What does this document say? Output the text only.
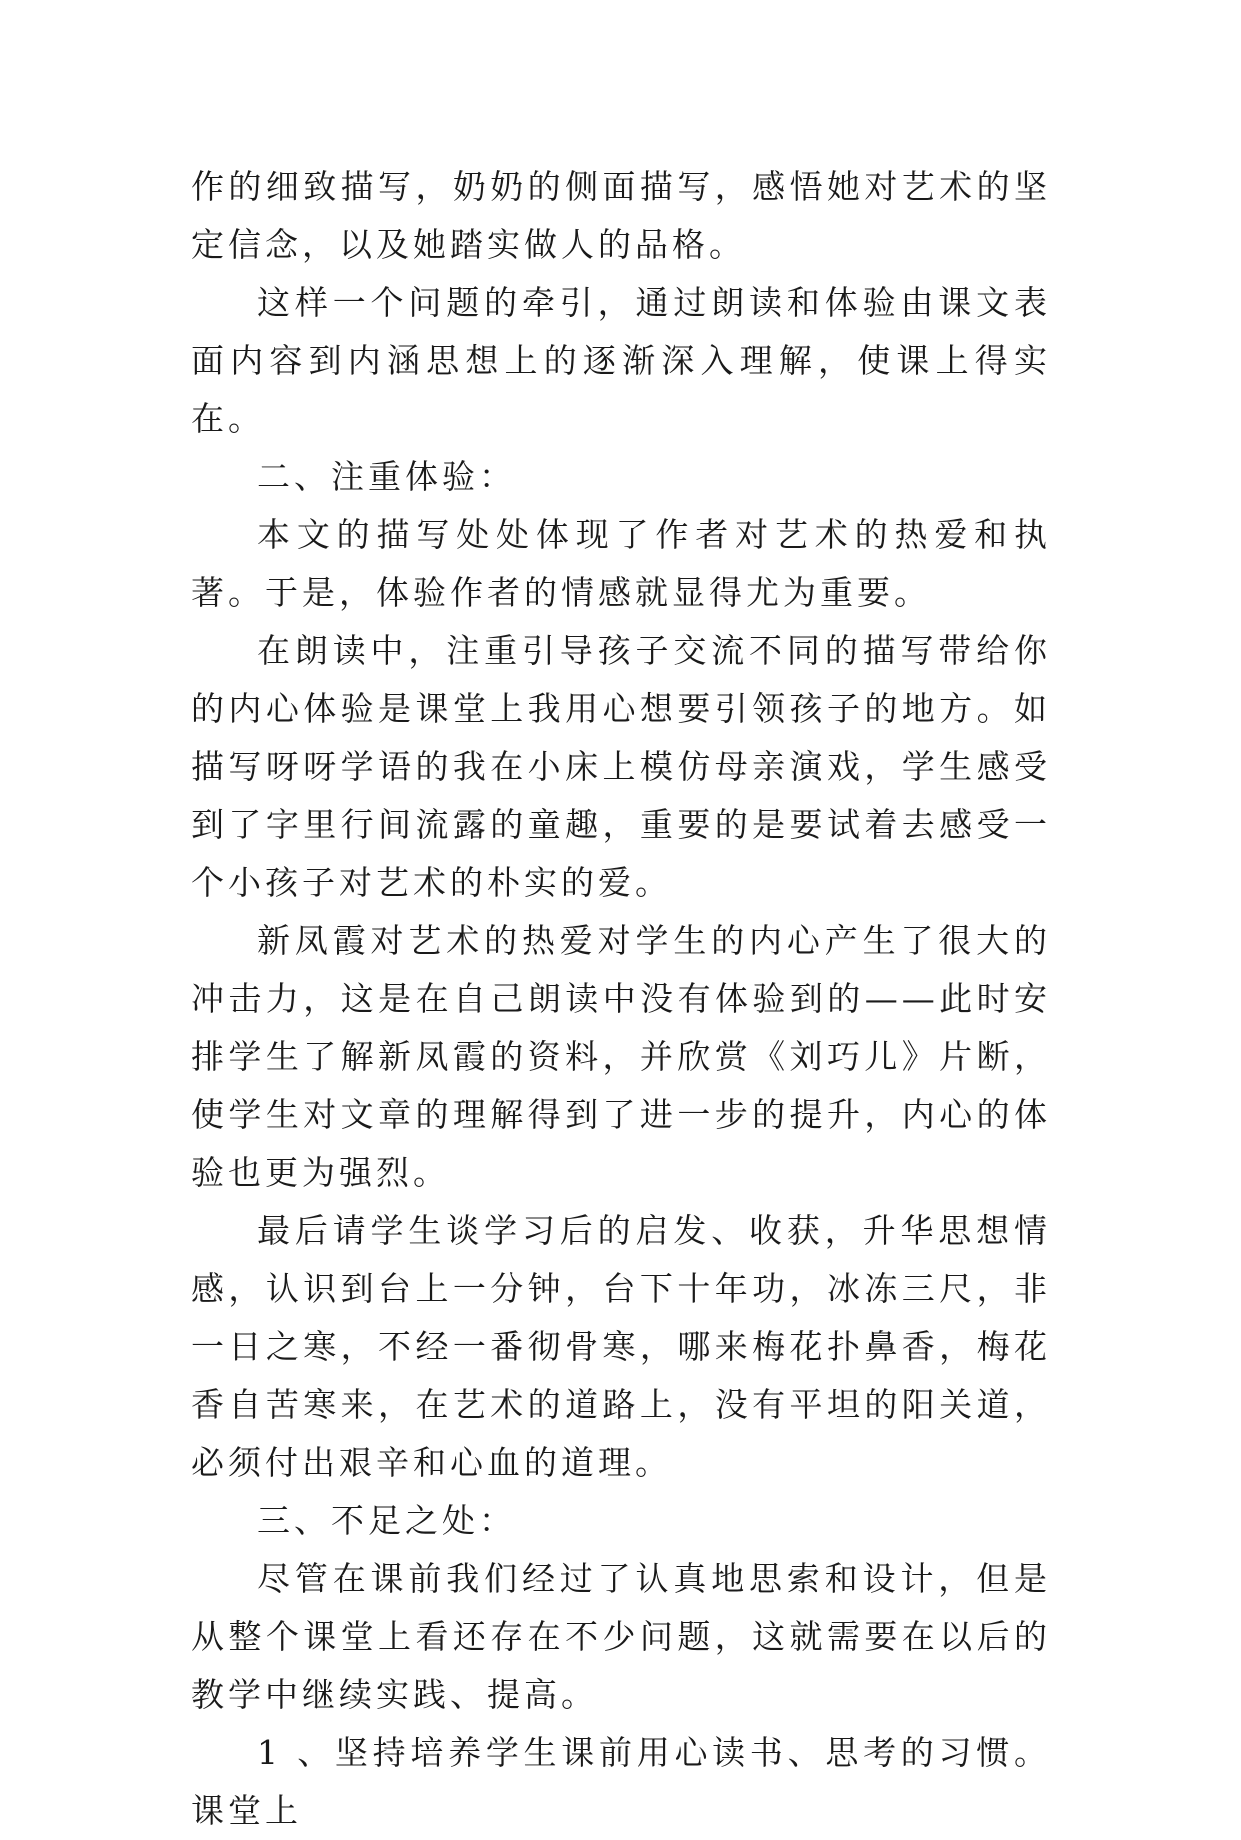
作的细致描写，奶奶的侧面描写，感悟她对艺术的坚定信念，以及她踏实做人的品格。

这样一个问题的牵引，通过朗读和体验由课文表面内容到内涵思想上的逐渐深入理解，使课上得实在。

二、注重体验：

本文的描写处处体现了作者对艺术的热爱和执著。于是，体验作者的情感就显得尤为重要。

在朗读中，注重引导孩子交流不同的描写带给你的内心体验是课堂上我用心想要引领孩子的地方。如描写呀呀学语的我在小床上模仿母亲演戏，学生感受到了字里行间流露的童趣，重要的是要试着去感受一个小孩子对艺术的朴实的爱。

新凤霞对艺术的热爱对学生的内心产生了很大的冲击力，这是在自己朗读中没有体验到的——此时安排学生了解新凤霞的资料，并欣赏《刘巧儿》片断，使学生对文章的理解得到了进一步的提升，内心的体验也更为强烈。

最后请学生谈学习后的启发、收获，升华思想情感，认识到台上一分钟，台下十年功，冰冻三尺，非一日之寒，不经一番彻骨寒，哪来梅花扑鼻香，梅花香自苦寒来，在艺术的道路上，没有平坦的阳关道，必须付出艰辛和心血的道理。

三、不足之处：

尽管在课前我们经过了认真地思索和设计，但是从整个课堂上看还存在不少问题，这就需要在以后的教学中继续实践、提高。

1 、坚持培养学生课前用心读书、思考的习惯。课堂上
